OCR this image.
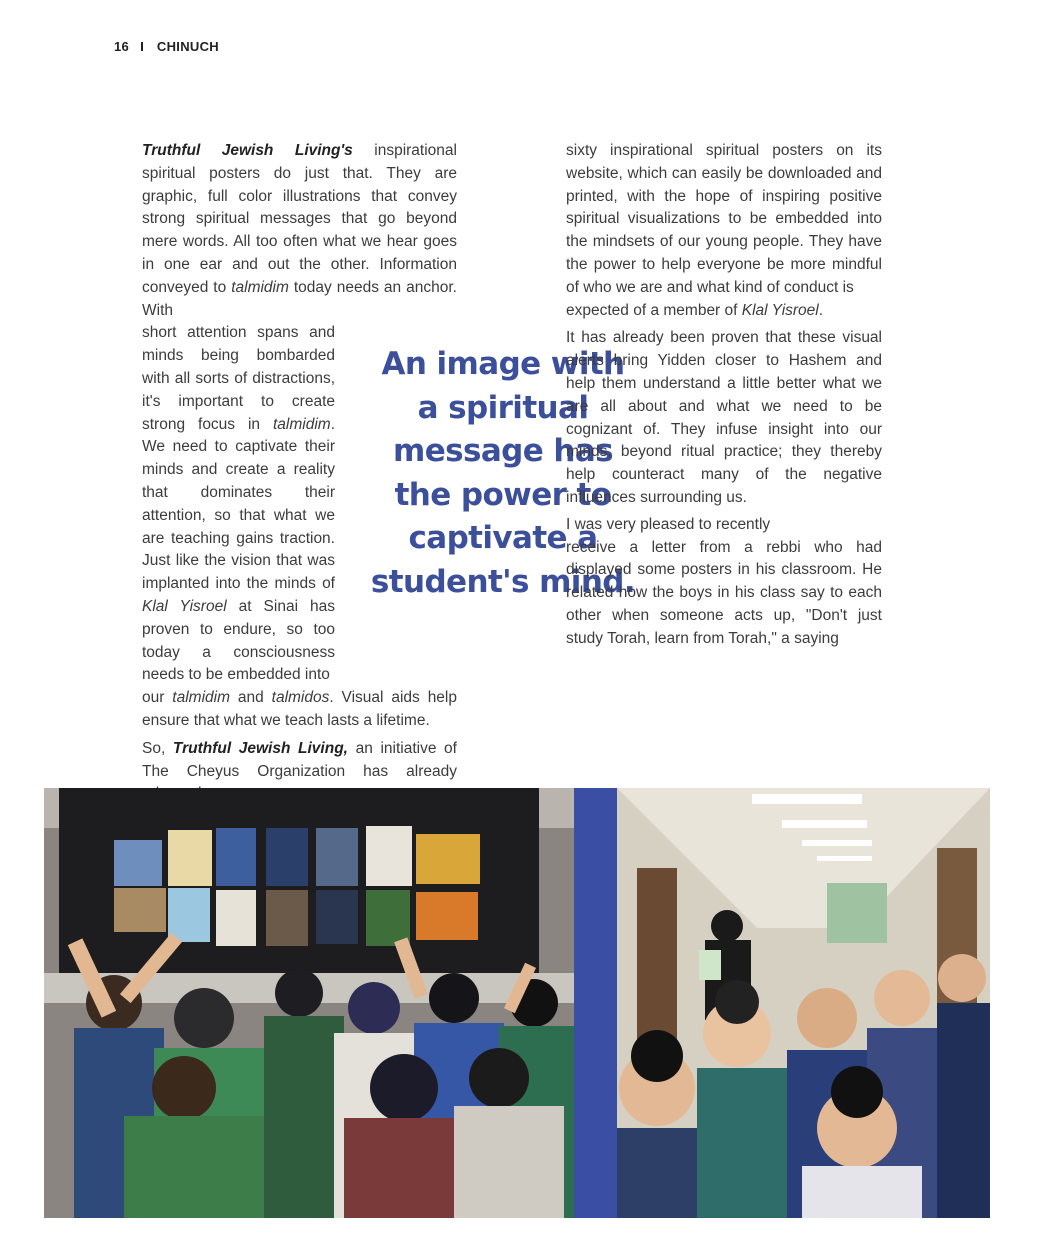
16 CHINUCH

Truthful Jewish Living's inspirational spiritual posters do just that. They are graphic, full color illustrations that convey strong spiritual messages that go beyond mere words. All too often what we hear goes in one ear and out the other. Information conveyed to talmidim today needs an anchor. With

short attention spans and minds being bombarded with all sorts of distractions, it's important to create strong focus in talmidim. We need to captivate their minds and create a reality that dominates their attention, so that what we are teaching gains traction. Just like the vision that was implanted into the minds of Klal Yisroel at Sinai has proven to endure, so too today a consciousness needs to be embedded into

our talmidim and talmidos. Visual aids help ensure that what we teach lasts a lifetime.

So, Truthful Jewish Living, an initiative of The Cheyus Organization has already

An image with
a spiritual
message has
the power to
captivate a
student's mind.

sixty inspirational spiritual posters on its website, which can easily be downloaded and printed, with the hope of inspiring positive spiritual visualizations to be embedded into the mindsets of our young people. They have the power to help everyone be more mindful of who we are and what kind of conduct is

expected of a member of Klal Yisroel.

It has already been proven that these visual alerts bring Yidden closer to Hashem and help them understand a little better what we are all about and what we need to be cognizant of. They infuse insight into our minds, beyond ritual practice; they thereby help counteract many of the negative influences surrounding us.

I was very pleased to recently

receive a letter from a rebbi who had displayed some posters in his classroom. He related how the boys in his class say to each other when someone acts up, "Don't just study Torah, learn from Torah," a saying
